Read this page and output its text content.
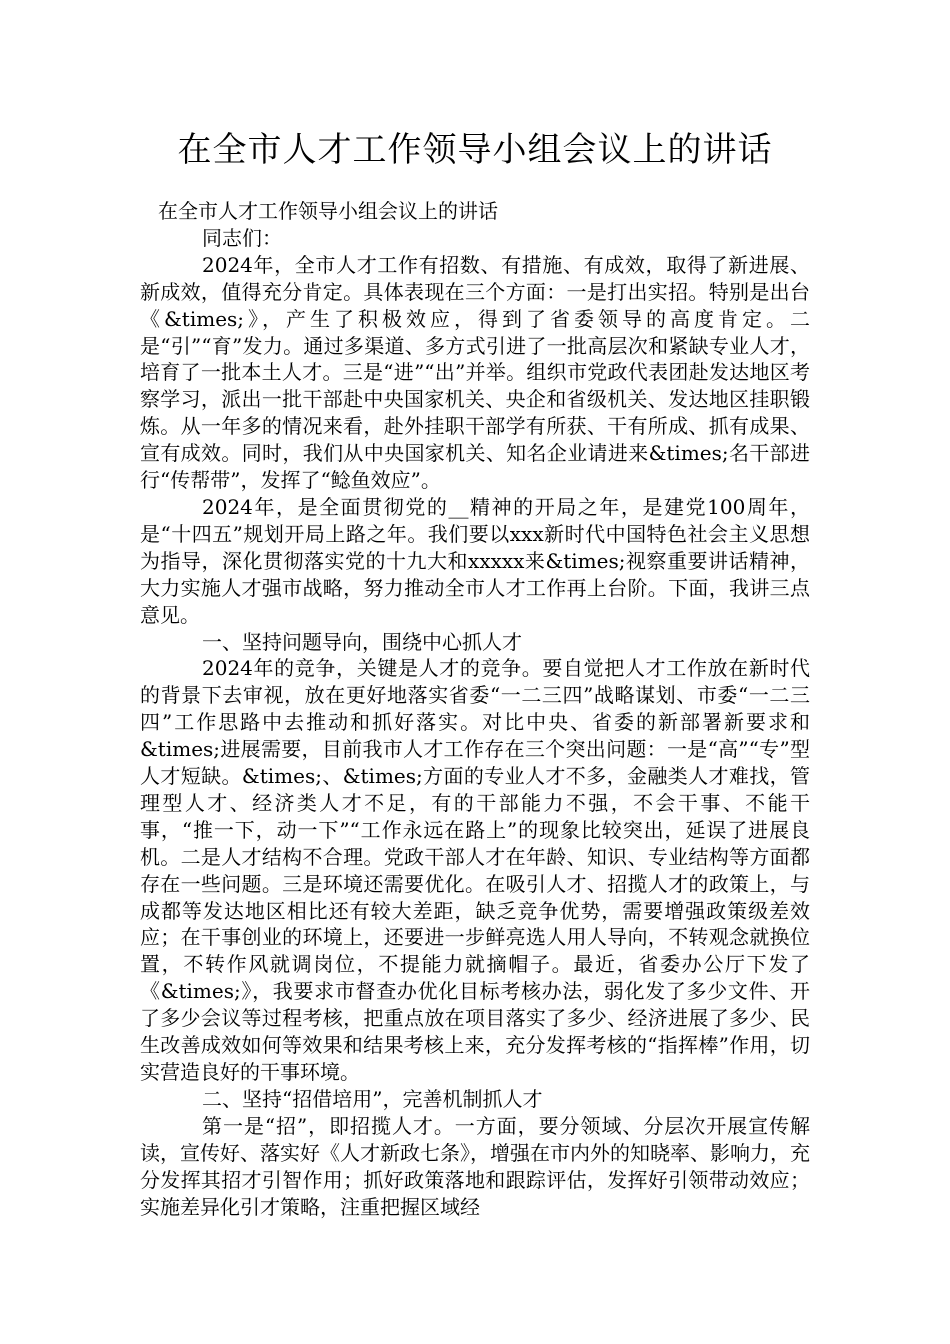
在全市人才工作领导小组会议上的讲话

在全市人才工作领导小组会议上的讲话

同志们：

2024年，全市人才工作有招数、有措施、有成效，取得了新进展、新成效，值得充分肯定。具体表现在三个方面：一是打出实招。特别是出台《&times;》，产生了积极效应，得到了省委领导的高度肯定。二是“引”“育”发力。通过多渠道、多方式引进了一批高层次和紧缺专业人才，培育了一批本土人才。三是“进”“出”并举。组织市党政代表团赴发达地区考察学习，派出一批干部赴中央国家机关、央企和省级机关、发达地区挂职锻炼。从一年多的情况来看，赴外挂职干部学有所获、干有所成、抓有成果、宣有成效。同时，我们从中央国家机关、知名企业请进来&times;名干部进行“传帮带”，发挥了“鲶鱼效应”。

2024年，是全面贯彻党的__精神的开局之年，是建党100周年，是“十四五”规划开局上路之年。我们要以xxx新时代中国特色社会主义思想为指导，深化贯彻落实党的十九大和xxxxx来&times;视察重要讲话精神，大力实施人才强市战略，努力推动全市人才工作再上台阶。下面，我讲三点意见。

一、坚持问题导向，围绕中心抓人才

2024年的竞争，关键是人才的竞争。要自觉把人才工作放在新时代的背景下去审视，放在更好地落实省委“一二三四”战略谋划、市委“一二三四”工作思路中去推动和抓好落实。对比中央、省委的新部署新要求和&times;进展需要，目前我市人才工作存在三个突出问题：一是“高”“专”型人才短缺。&times;、&times;方面的专业人才不多，金融类人才难找，管理型人才、经济类人才不足，有的干部能力不强，不会干事、不能干事，“推一下，动一下”“工作永远在路上”的现象比较突出，延误了进展良机。二是人才结构不合理。党政干部人才在年龄、知识、专业结构等方面都存在一些问题。三是环境还需要优化。在吸引人才、招揽人才的政策上，与成都等发达地区相比还有较大差距，缺乏竞争优势，需要增强政策级差效应；在干事创业的环境上，还要进一步鲜亮选人用人导向，不转观念就换位置，不转作风就调岗位，不提能力就摘帽子。最近，省委办公厅下发了《&times;》，我要求市督查办优化目标考核办法，弱化发了多少文件、开了多少会议等过程考核，把重点放在项目落实了多少、经济进展了多少、民生改善成效如何等效果和结果考核上来，充分发挥考核的“指挥棒”作用，切实营造良好的干事环境。

二、坚持“招借培用”，完善机制抓人才

第一是“招”，即招揽人才。一方面，要分领域、分层次开展宣传解读，宣传好、落实好《人才新政七条》，增强在市内外的知晓率、影响力，充分发挥其招才引智作用；抓好政策落地和跟踪评估，发挥好引领带动效应；实施差异化引才策略，注重把握区域经
